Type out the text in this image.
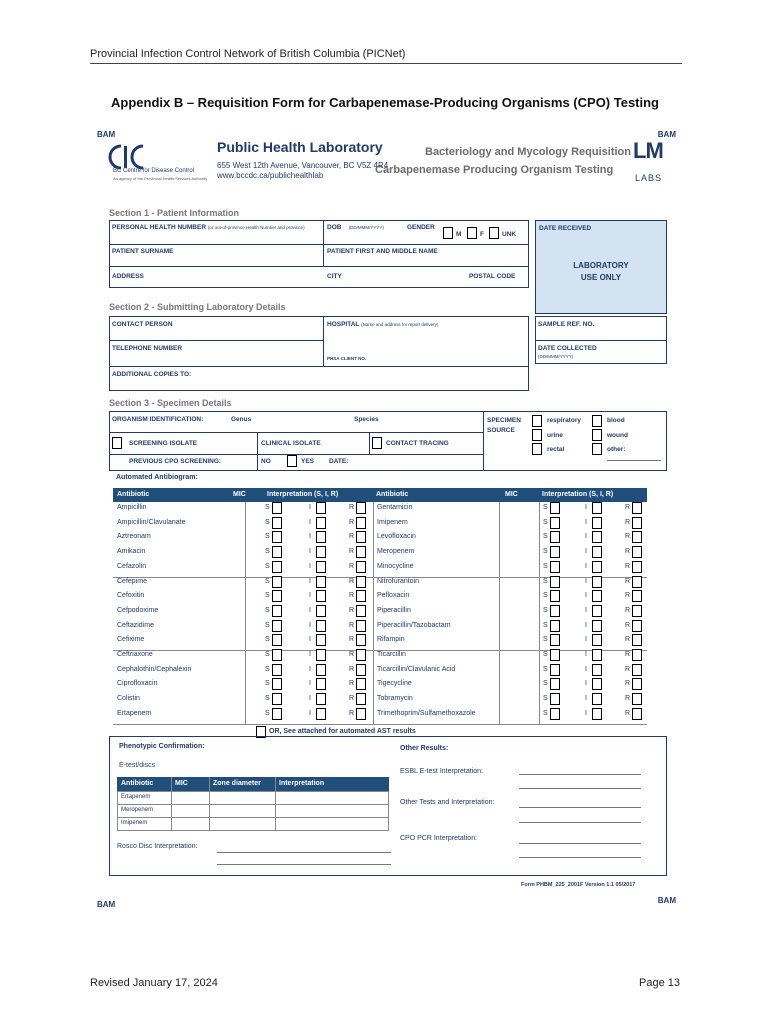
Provincial Infection Control Network of British Columbia (PICNet)
Appendix B – Requisition Form for Carbapenemase-Producing Organisms (CPO) Testing
BAM	BAM
BAM	BAM
BC Centre for Disease Control
An agency of the Provincial Health Services Authority
Public Health Laboratory
655 West 12th Avenue, Vancouver, BC V5Z 4R4
www.bccdc.ca/publichealthlab
Bacteriology and Mycology Requisition
Carbapenemase Producing Organism Testing
LM
LABS
Section 1 - Patient Information
PERSONAL HEALTH NUMBER (or out-of-province Health Number and province)	DOB (DD/MMM/YYYY)	GENDER
M	F	UNK
PATIENT SURNAME	PATIENT FIRST AND MIDDLE NAME
ADDRESS	CITY	POSTAL CODE
DATE RECEIVED
LABORATORY
USE ONLY
Section 2 - Submitting Laboratory Details
CONTACT PERSON	HOSPITAL (Name and address for report delivery)
TELEPHONE NUMBER
PHSA CLIENT NO.
ADDITIONAL COPIES TO:
SAMPLE REF. NO.
DATE COLLECTED
(DD/MMM/YYYY)
Section 3 - Specimen Details
ORGANISM IDENTIFICATION:	Genus	Species
SCREENING ISOLATE	CLINICAL ISOLATE	CONTACT TRACING
PREVIOUS CPO SCREENING:	NO	YES DATE:
SPECIMEN
SOURCE
respiratory
urine
rectal
blood
wound
other:
Automated Antibiogram:
Antibiotic	MIC	Interpretation (S, I, R)	Antibiotic	MIC	Interpretation (S, I, R)
Ampicillin	S	I	R	Gentamicin	S	I	R
Ampicillin/Clavulanate	S	I	R	Imipenem	S	I	R
Aztreonam	S	I	R	Levofloxacin	S	I	R
Amikacin	S	I	R	Meropenem	S	I	R
Cefazolin	S	I	R	Minocycline	S	I	R
Cefepime	S	I	R	Nitrofurantoin	S	I	R
Cefoxitin	S	I	R	Pefloxacin	S	I	R
Cefpodoxime	S	I	R	Piperacillin	S	I	R
Ceftazidime	S	I	R	Piperacillin/Tazobactam	S	I	R
Cefixime	S	I	R	Rifampin	S	I	R
Ceftriaxone	S	I	R	Ticarcillin	S	I	R
Cephalothin/Cephalexin	S	I	R	Ticarcillin/Clavulanic Acid	S	I	R
Ciprofloxacin	S	I	R	Tigecycline	S	I	R
Colistin	S	I	R	Tobramycin	S	I	R
Ertapenem	S	I	R	Trimethoprim/Sulfamethoxazole	S	I	R
OR, See attached for automated AST results
Phenotypic Confirmation:
E-test/discs
Antibiotic	MIC	Zone diameter	Interpretation
Ertapenem
Meropenem
Imipenem
Rosco Disc Interpretation:
Other Results:
ESBL E-test Interpretation:
Other Tests and Interpretation:
CPO PCR Interpretation:
Form PHBM_225_2001F Version 1.1 05/2017
Revised January 17, 2024	Page 13
